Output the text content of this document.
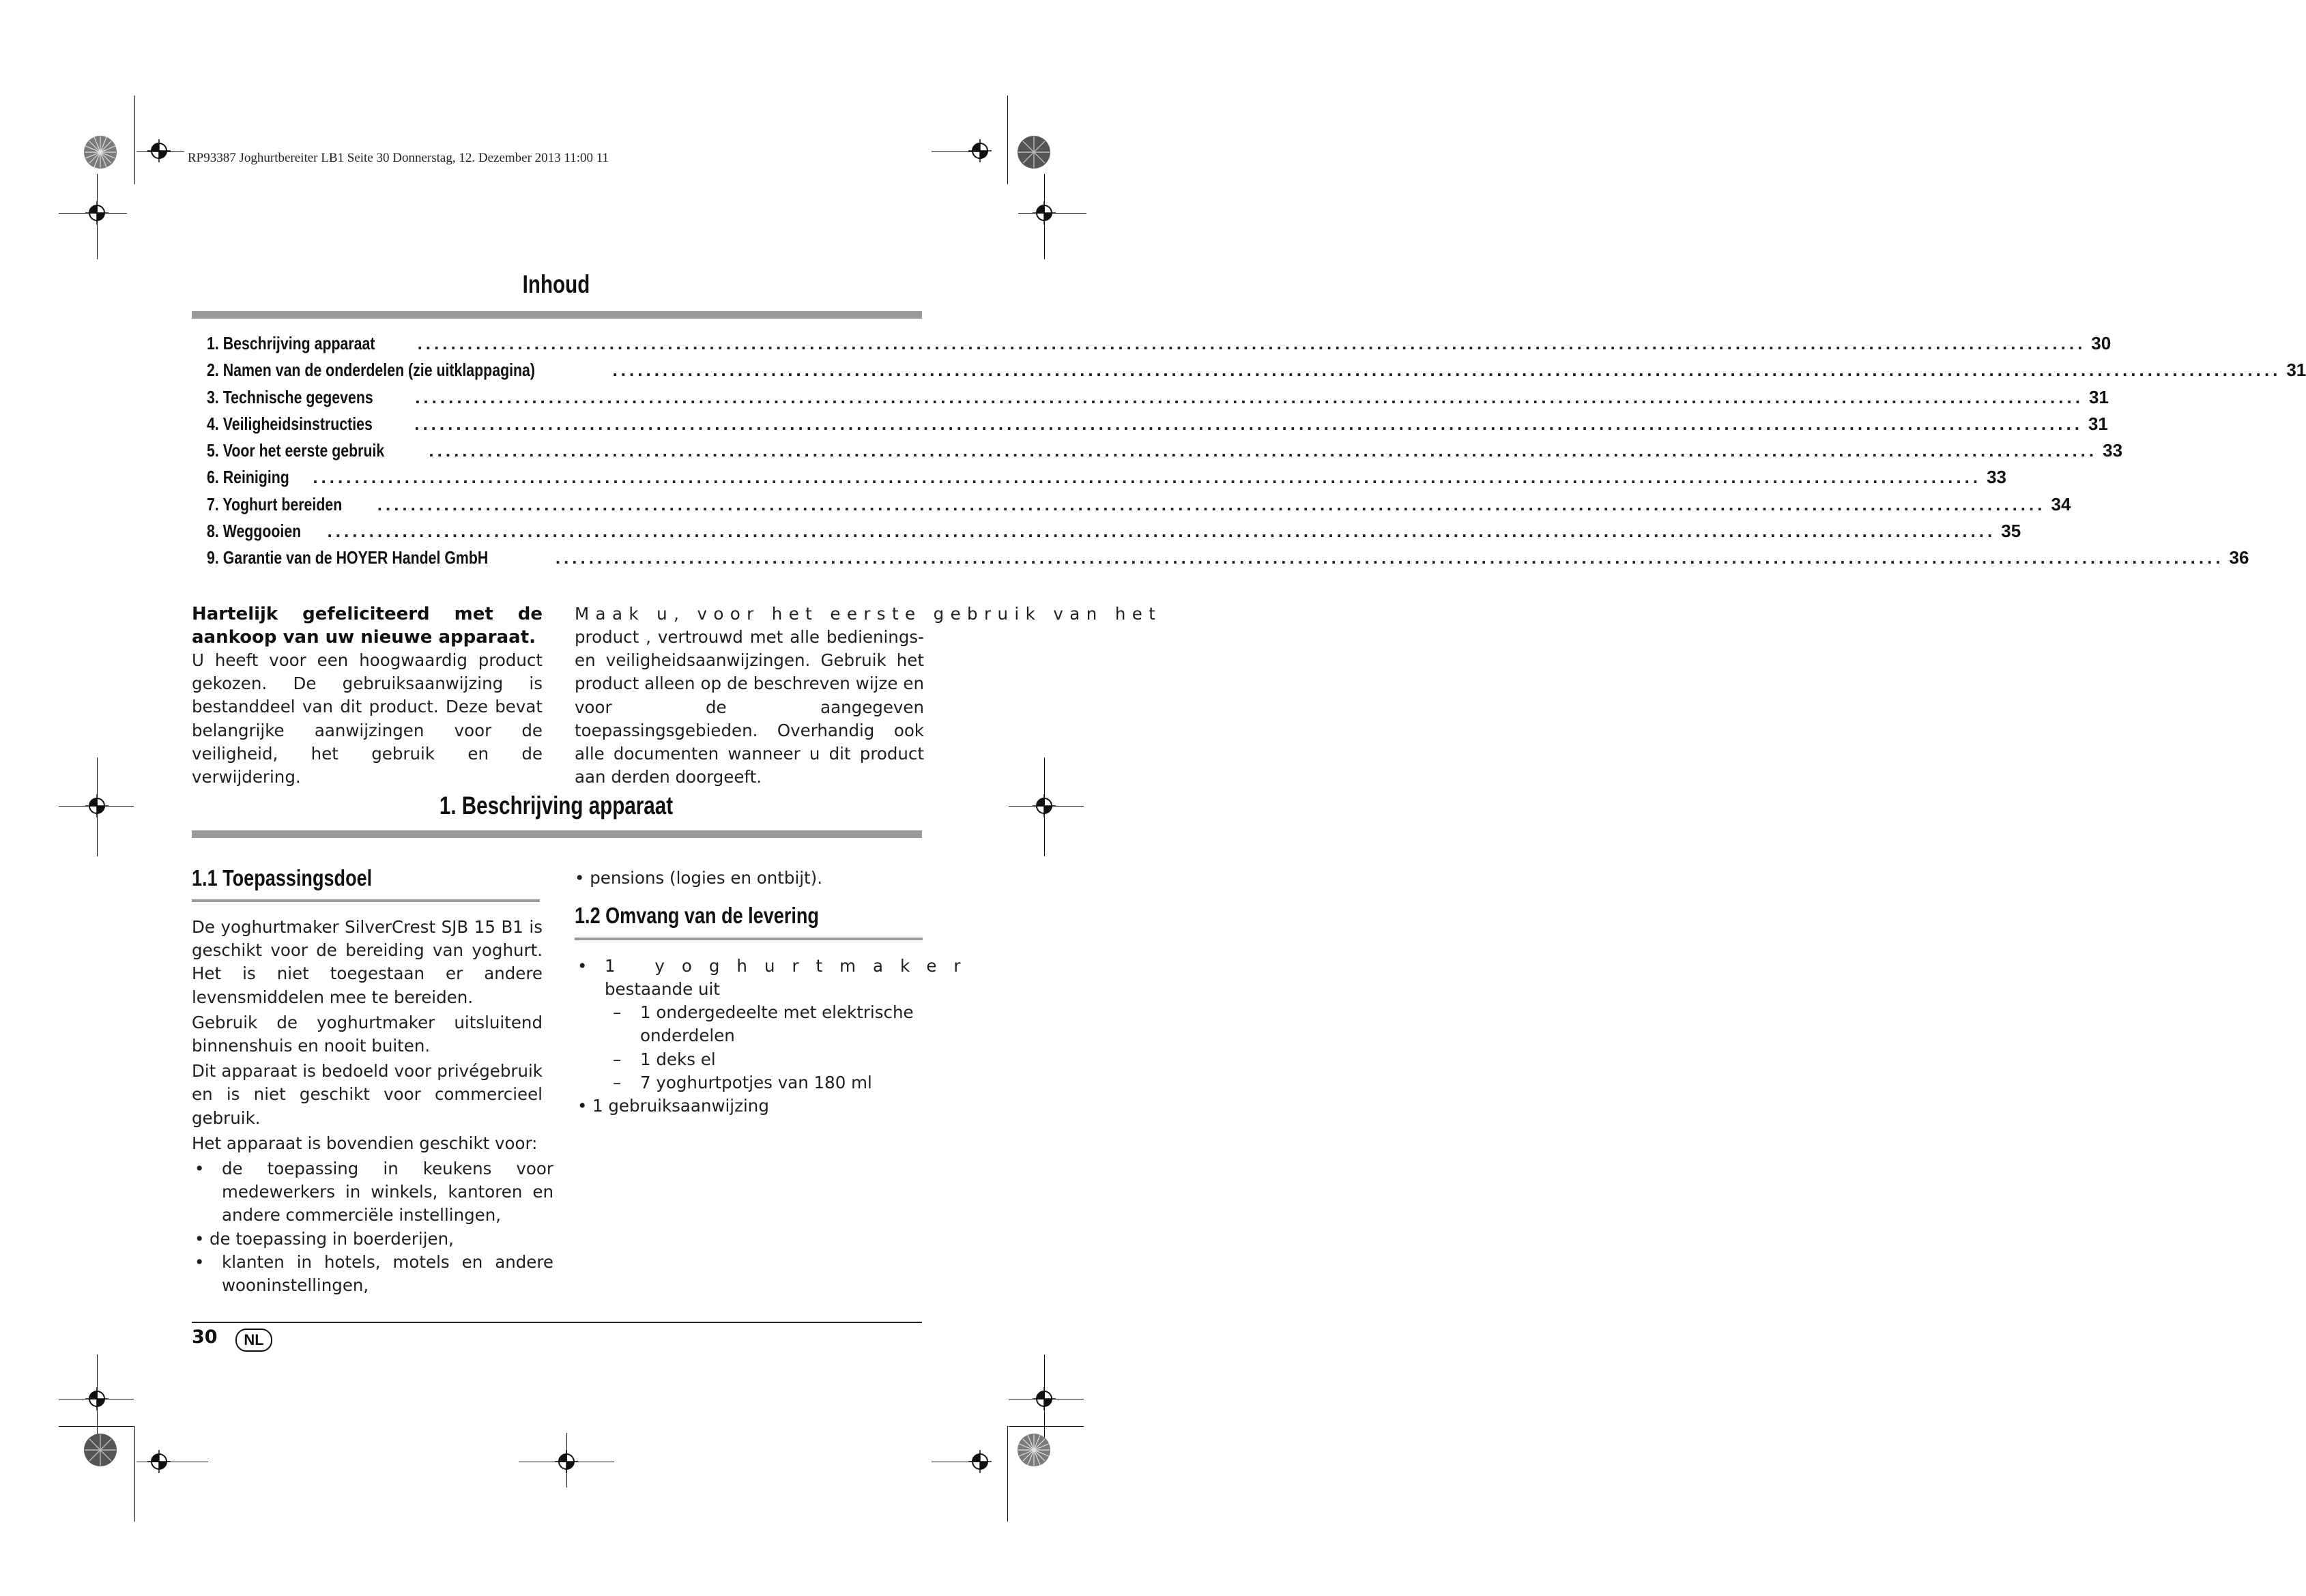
RP93387 Joghurtbereiter LB1 Seite 30 Donnerstag, 12. Dezember 2013 11:00 11
Inhoud
1. Beschrijving apparaat ........................................................................................................................................................................................................ 30
2. Namen van de onderdelen (zie uitklappagina)	........................................................................................................................................................................................................ 31
3. Technische gegevens ........................................................................................................................................................................................................ 31
4. Veiligheidsinstructies ........................................................................................................................................................................................................ 31
5. Voor het eerste gebruik	........................................................................................................................................................................................................ 33
6. Reiniging ........................................................................................................................................................................................................ 33
7. Yoghurt bereiden ........................................................................................................................................................................................................ 34
8. Weggooien ........................................................................................................................................................................................................ 35
9. Garantie van de HOYER Handel GmbH	........................................................................................................................................................................................................ 36
Hartelijk gefeliciteerd met de aankoop van uw nieuwe apparaat.
U heeft voor een hoogwaardig product gekozen. De gebruiksaanwijzing is bestanddeel van dit product. Deze bevat belangrijke aanwijzingen voor de veiligheid, het gebruik en de verwijdering.
Maak u, voor het eerste gebruik van het
product , vertrouwd met alle bedienings- en veiligheidsaanwijzingen. Gebruik het product alleen op de beschreven wijze en voor de aangegeven toepassingsgebieden. Overhandig ook alle documenten wanneer u dit product aan derden doorgeeft.
1. Beschrijving apparaat
1.1 Toepassingsdoel
De yoghurtmaker SilverCrest SJB 15 B1 is geschikt voor de bereiding van yoghurt. Het is niet toegestaan er andere levensmiddelen mee te bereiden.
Gebruik de yoghurtmaker uitsluitend binnenshuis en nooit buiten.
Dit apparaat is bedoeld voor privégebruik en is niet geschikt voor commercieel gebruik.
Het apparaat is bovendien geschikt voor:
• de toepassing in keukens voor medewerkers in winkels, kantoren en andere commerciële instellingen,
• de toepassing in boerderijen,
• klanten in hotels, motels en andere wooninstellingen,
• pensions (logies en ontbijt).
1.2 Omvang van de levering
• 1 yoghurtmaker
bestaande uit
– 1 ondergedeelte met elektrische onderdelen
– 1 deks el
– 7 yoghurtpotjes van 180 ml
• 1 gebruiksaanwijzing
30	NL
